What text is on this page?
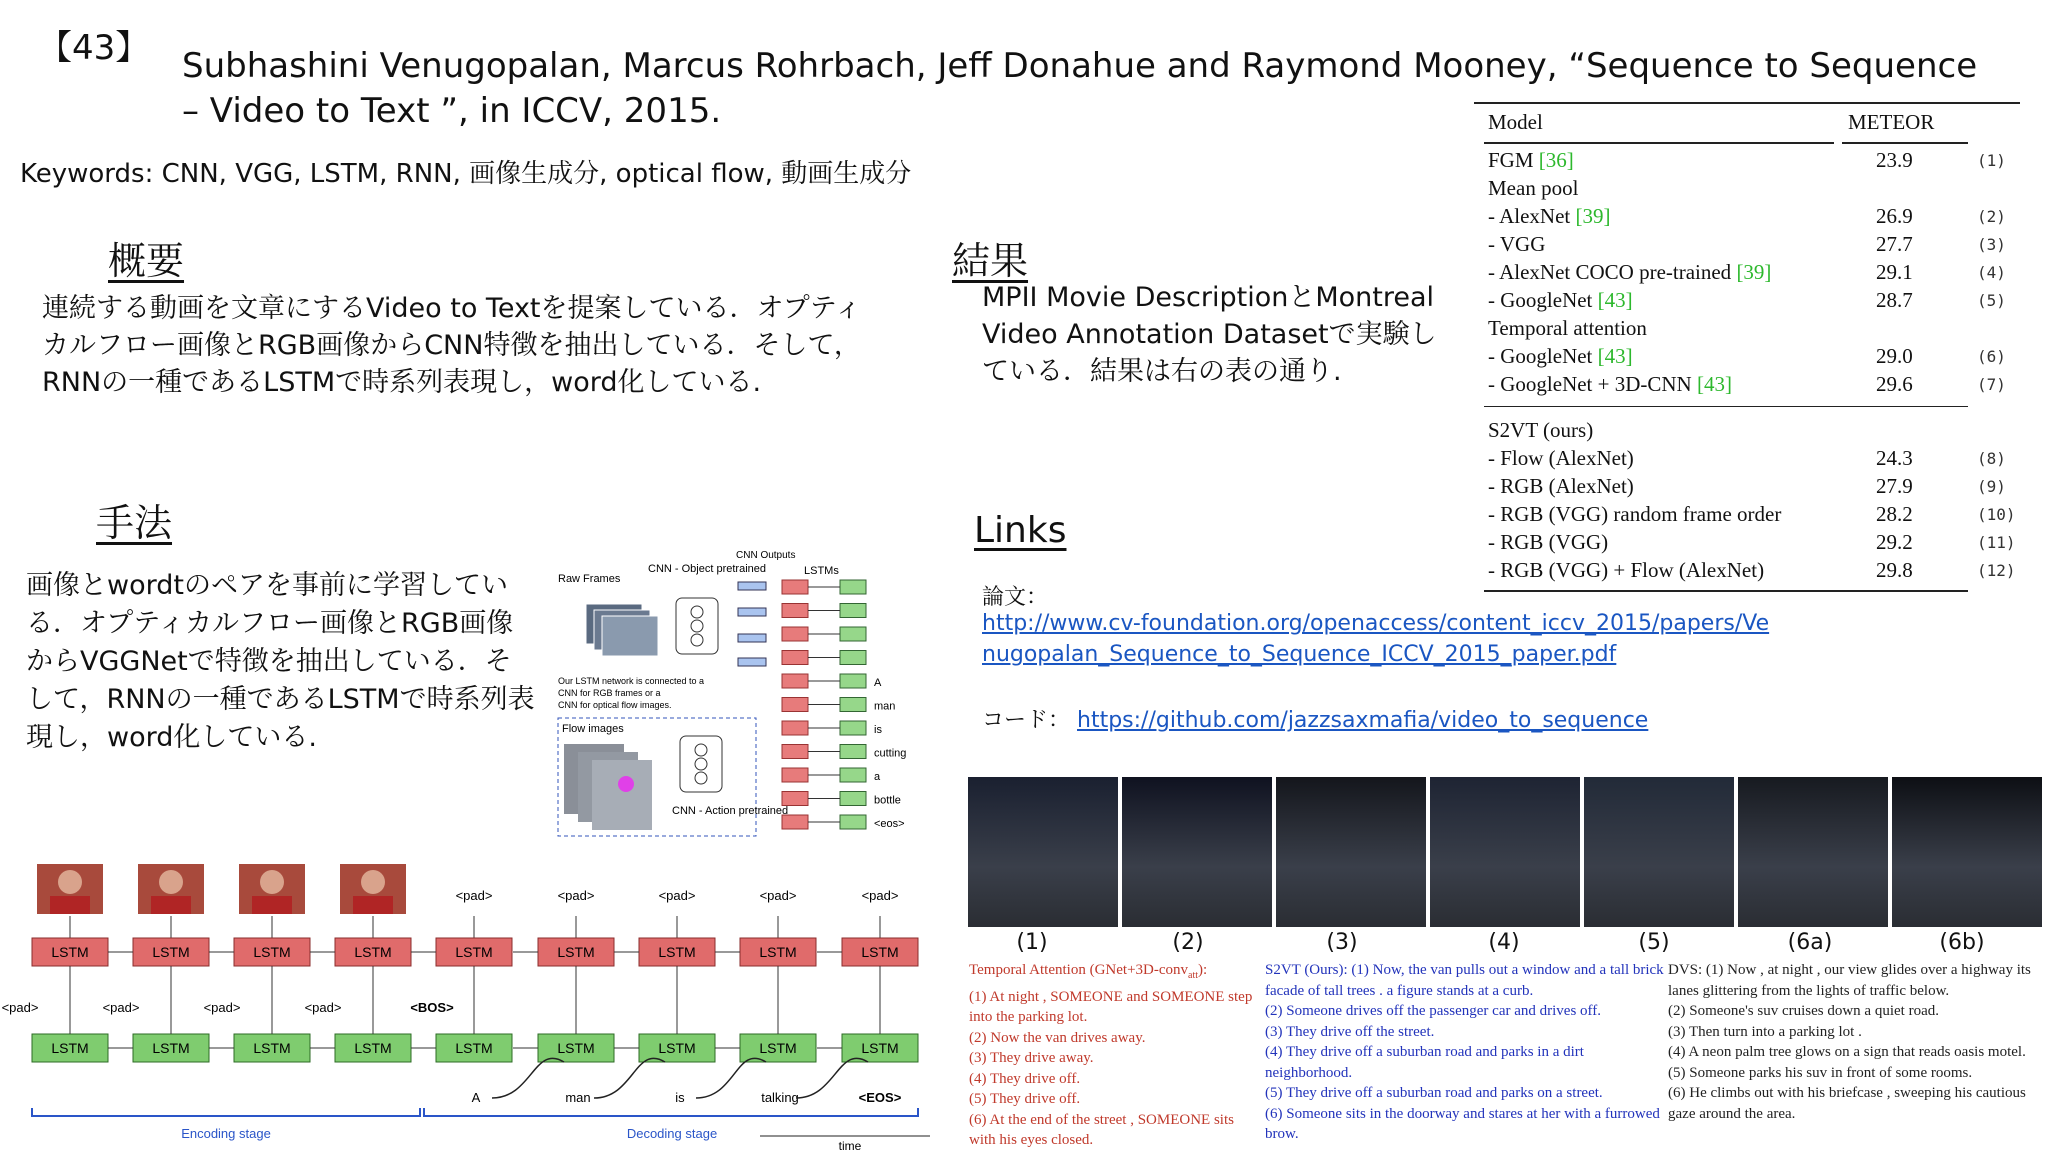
【43】 Subhashini Venugopalan, Marcus Rohrbach, Jeff Donahue and Raymond Mooney, “Sequence to Sequence – Video to Text ”, in ICCV, 2015.
Keywords: CNN, VGG, LSTM, RNN, 画像生成分, optical flow, 動画生成分
概要
連続する動画を文章にするVideo to Textを提案している．オプティカルフロー画像とRGB画像からCNN特徴を抽出している．そして，RNNの一種であるLSTMで時系列表現し，word化している.
手法
画像とwordtのペアを事前に学習している．オプティカルフロー画像とRGB画像からVGGNetで特徴を抽出している．そして，RNNの一種であるLSTMで時系列表現し，word化している.
結果
MPII Movie DescriptionとMontreal Video Annotation Datasetで実験している．結果は右の表の通り.
Links
論文：
http://www.cv-foundation.org/openaccess/content_iccv_2015/papers/Venugopalan_Sequence_to_Sequence_ICCV_2015_paper.pdf
コード： https://github.com/jazzsaxmafia/video_to_sequence
Model	METEOR
FGM [36]	23.9	(1)
Mean pool
- AlexNet [39]	26.9	(2)
- VGG	27.7	(3)
- AlexNet COCO pre-trained [39]	29.1	(4)
- GoogleNet [43]	28.7	(5)
Temporal attention
- GoogleNet [43]	29.0	(6)
- GoogleNet + 3D-CNN [43]	29.6	(7)
S2VT (ours)
- Flow (AlexNet)	24.3	(8)
- RGB (AlexNet)	27.9	(9)
- RGB (VGG) random frame order	28.2	(10)
- RGB (VGG)	29.2	(11)
- RGB (VGG) + Flow (AlexNet)	29.8	(12)
Raw Frames
CNN - Object pretrained
CNN Outputs
LSTMs
Our LSTM network is connected to a CNN for RGB frames or a CNN for optical flow images.
Flow images
CNN - Action pretrained
A
man
is
cutting
a
bottle
<eos>
LSTM
LSTM
<pad>
LSTM
LSTM
<pad>
LSTM
LSTM
<pad>
LSTM
LSTM
<pad>
<pad>
LSTM
LSTM
<BOS>
<pad>
LSTM
LSTM
<pad>
LSTM
LSTM
<pad>
LSTM
LSTM
<pad>
LSTM
LSTM
A	man	is	talking	<EOS>
Encoding stage	Decoding stage
time
(1)	(2)	(3)	(4)	(5)	(6a)	(6b)
Temporal Attention (GNet+3D-conv$_{att}$):
(1) At night , SOMEONE and SOMEONE step into the parking lot.
(2) Now the van drives away.
(3) They drive away.
(4) They drive off.
(5) They drive off.
(6) At the end of the street , SOMEONE sits with his eyes closed.
S2VT (Ours): (1) Now, the van pulls out a window and a tall brick facade of tall trees . a figure stands at a curb.
(2) Someone drives off the passenger car and drives off.
(3) They drive off the street.
(4) They drive off a suburban road and parks in a dirt neighborhood.
(5) They drive off a suburban road and parks on a street.
(6) Someone sits in the doorway and stares at her with a furrowed brow.
DVS: (1) Now , at night , our view glides over a highway its lanes glittering from the lights of traffic below.
(2) Someone's suv cruises down a quiet road.
(3) Then turn into a parking lot .
(4) A neon palm tree glows on a sign that reads oasis motel.
(5) Someone parks his suv in front of some rooms.
(6) He climbs out with his briefcase , sweeping his cautious gaze around the area.
